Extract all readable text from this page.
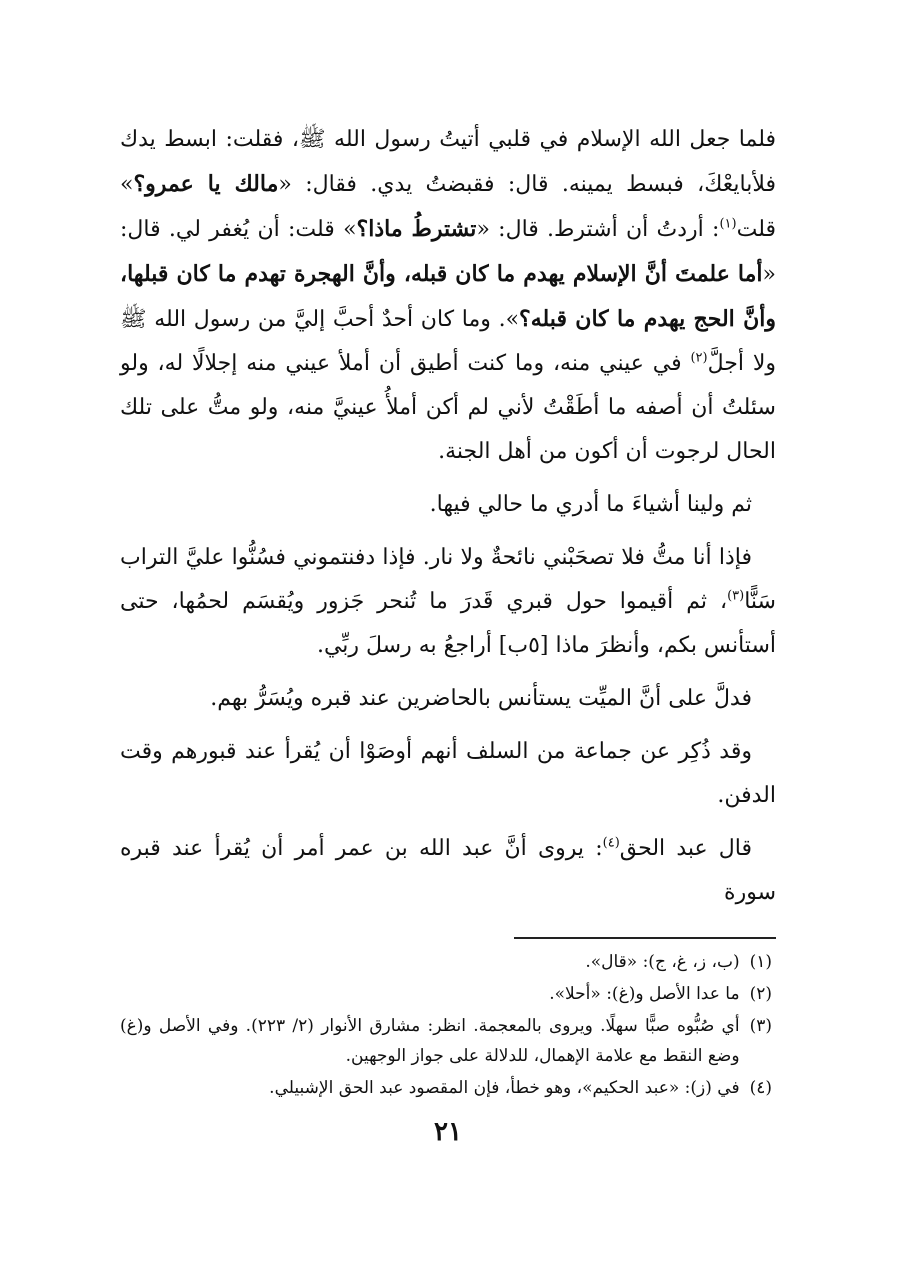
فلما جعل الله الإسلام في قلبي أتيتُ رسول الله ﷺ، فقلت: ابسط يدك فلأبايعْكَ، فبسط يمينه. قال: فقبضتُ يدي. فقال: «مالك يا عمرو؟» قلت$^{(١)}$: أردتُ أن أشترط. قال: «تشترطُ ماذا؟» قلت: أن يُغفر لي. قال: «أما علمتَ أنَّ الإسلام يهدم ما كان قبله، وأنَّ الهجرة تهدم ما كان قبلها، وأنَّ الحج يهدم ما كان قبله؟». وما كان أحدٌ أحبَّ إليَّ من رسول الله ﷺ ولا أجلَّ$^{(٢)}$ في عيني منه، وما كنت أطيق أن أملأ عيني منه إجلالًا له، ولو سئلتُ أن أصفه ما أطَقْتُ لأني لم أكن أملأُ عينيَّ منه، ولو متُّ على تلك الحال لرجوت أن أكون من أهل الجنة.

ثم ولينا أشياءَ ما أدري ما حالي فيها.

فإذا أنا متُّ فلا تصحَبْني نائحةٌ ولا نار. فإذا دفنتموني فسُنُّوا عليَّ التراب سَنًّا$^{(٣)}$، ثم أقيموا حول قبري قَدرَ ما تُنحر جَزور ويُقسَم لحمُها، حتى أستأنس بكم، وأنظرَ ماذا [٥ب] أراجعُ به رسلَ ربِّي.

فدلَّ على أنَّ الميِّت يستأنس بالحاضرين عند قبره ويُسَرُّ بهم.

وقد ذُكِر عن جماعة من السلف أنهم أوصَوْا أن يُقرأ عند قبورهم وقت الدفن.

قال عبد الحق$^{(٤)}$: يروى أنَّ عبد الله بن عمر أمر أن يُقرأ عند قبره سورة

(١)
(ب، ز، غ، ج): «قال».
(٢)
ما عدا الأصل و(غ): «أحلا».
(٣)
أي صُبُّوه صبًّا سهلًا. ويروى بالمعجمة. انظر: مشارق الأنوار (٢/ ٢٢٣). وفي الأصل و(غ) وضع النقط مع علامة الإهمال، للدلالة على جواز الوجهين.
(٤)
في (ز): «عبد الحكيم»، وهو خطأ، فإن المقصود عبد الحق الإشبيلي.
٢١
